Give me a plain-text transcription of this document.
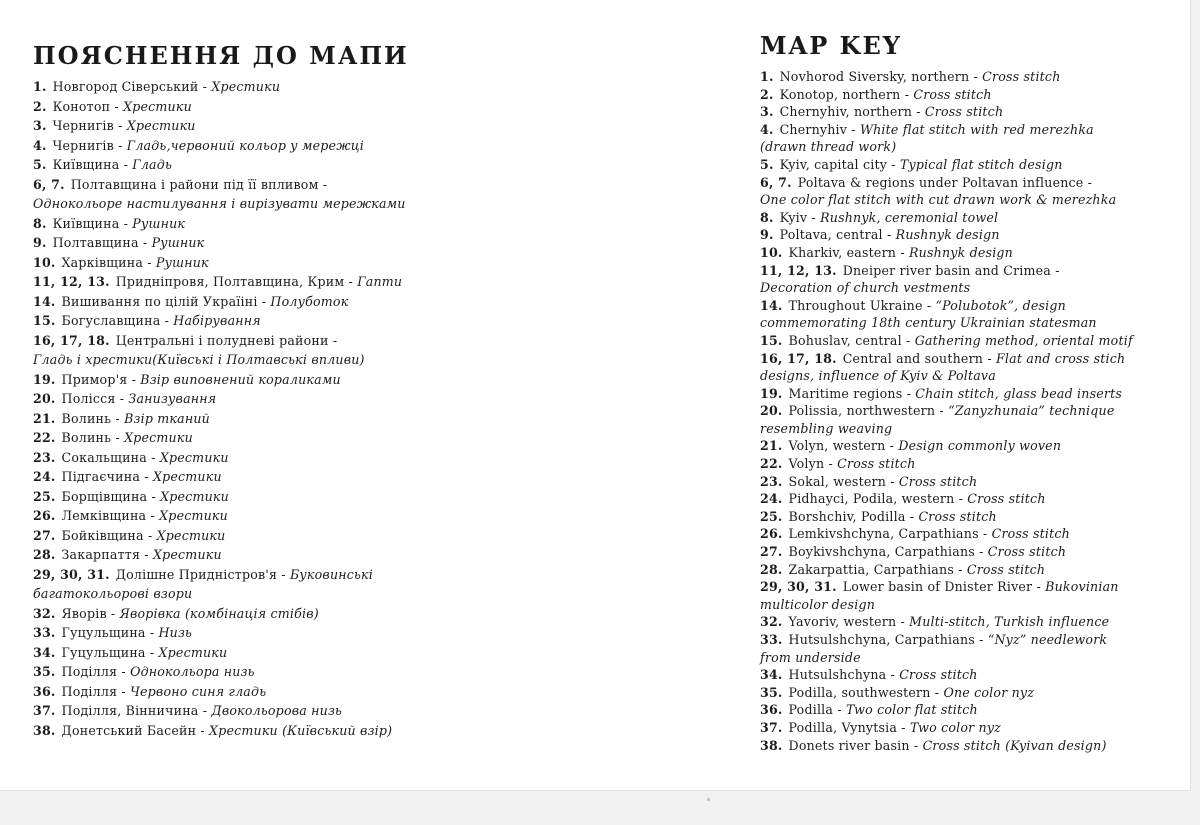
ПОЯСНЕННЯ ДО МАПИ
1. Новгород Сіверський - Хрестики
2. Конотоп - Хрестики
3. Чернигів - Хрестики
4. Чернигів - Гладь,червоний кольор у мережці
5. Київщина - Гладь
6, 7. Полтавщина і райони під її впливом -
Однокольоре настилування і вирізувати мережками
8. Київщина - Рушник
9. Полтавщина - Рушник
10. Харківщина - Рушник
11, 12, 13. Придніпровя, Полтавщина, Крим - Гапти
14. Вишивання по цілій Україіні - Полуботок
15. Богуславщина - Набірування
16, 17, 18. Центральні і полудневі райони -
Гладь і хрестики(Київські і Полтавські впливи)
19. Примор'я - Взір виповнений кораликами
20. Полісся - Занизування
21. Волинь - Взір тканий
22. Волинь - Хрестики
23. Сокальщина - Хрестики
24. Підгаєчина - Хрестики
25. Борщівщина - Хрестики
26. Лемківщина - Хрестики
27. Бойківщина - Хрестики
28. Закарпаття - Хрестики
29, 30, 31. Долішне Придністров'я - Буковинські
багатокольорові взори
32. Яворів - Яворівка (комбінація стібів)
33. Гуцульщина - Низь
34. Гуцульщина - Хрестики
35. Поділля - Однокольора низь
36. Поділля - Червоно синя гладь
37. Поділля, Вінничина - Двокольорова низь
38. Донетський Басейн - Хрестики (Київський взір)
MAP KEY
1. Novhorod Siversky, northern - Cross stitch
2. Konotop, northern - Cross stitch
3. Chernyhiv, northern - Cross stitch
4. Chernyhiv - White flat stitch with red merezhka
(drawn thread work)
5. Kyiv, capital city - Typical flat stitch design
6, 7. Poltava & regions under Poltavan influence -
One color flat stitch with cut drawn work & merezhka
8. Kyiv - Rushnyk, ceremonial towel
9. Poltava, central - Rushnyk design
10. Kharkiv, eastern - Rushnyk design
11, 12, 13. Dneiper river basin and Crimea -
Decoration of church vestments
14. Throughout Ukraine - “Polubotok”, design
commemorating 18th century Ukrainian statesman
15. Bohuslav, central - Gathering method, oriental motif
16, 17, 18. Central and southern - Flat and cross stich
designs, influence of Kyiv & Poltava
19. Maritime regions - Chain stitch, glass bead inserts
20. Polissia, northwestern - “Zanyzhunaia” technique
resembling weaving
21. Volyn, western - Design commonly woven
22. Volyn - Cross stitch
23. Sokal, western - Cross stitch
24. Pidhayci, Podila, western - Cross stitch
25. Borshchiv, Podilla - Cross stitch
26. Lemkivshchyna, Carpathians - Cross stitch
27. Boykivshchyna, Carpathians - Cross stitch
28. Zakarpattia, Carpathians - Cross stitch
29, 30, 31. Lower basin of Dnister River - Bukovinian
multicolor design
32. Yavoriv, western - Multi-stitch, Turkish influence
33. Hutsulshchyna, Carpathians - “Nyz” needlework
from underside
34. Hutsulshchyna - Cross stitch
35. Podilla, southwestern - One color nyz
36. Podilla - Two color flat stitch
37. Podilla, Vynytsia - Two color nyz
38. Donets river basin - Cross stitch (Kyivan design)
